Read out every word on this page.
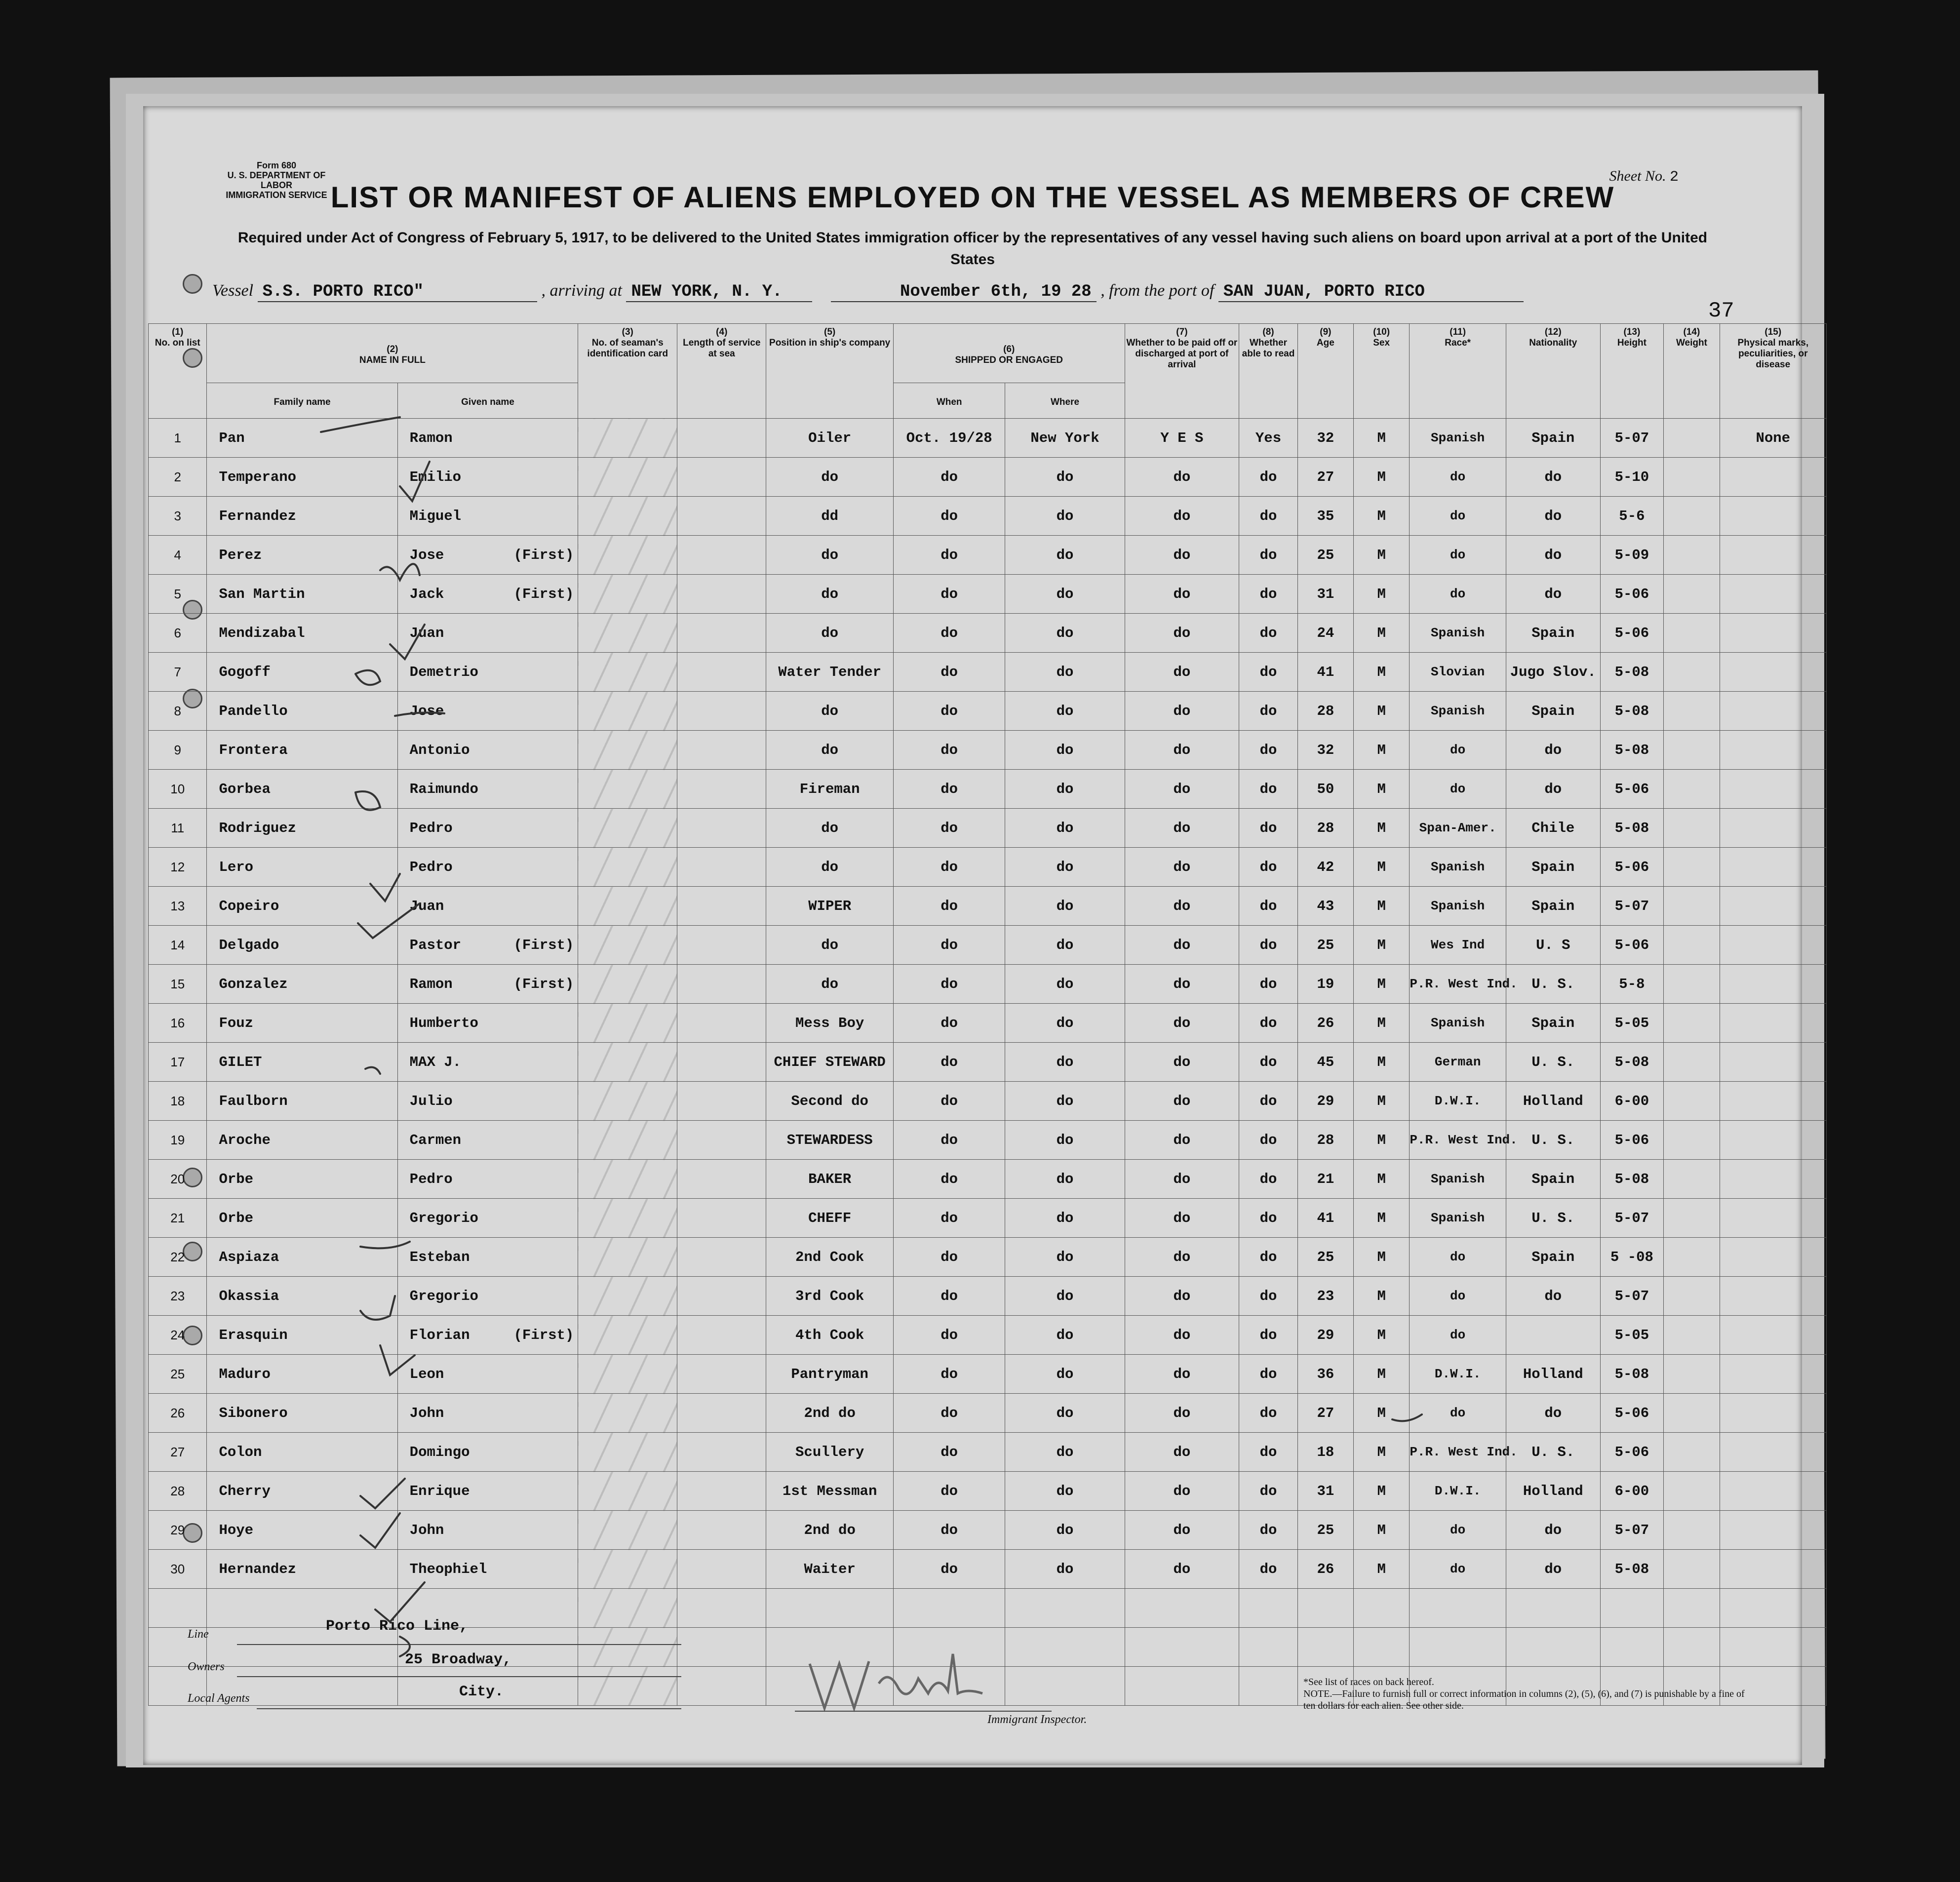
Form 680
U. S. DEPARTMENT OF LABOR
IMMIGRATION SERVICE
Sheet No. 2
LIST OR MANIFEST OF ALIENS EMPLOYED ON THE VESSEL AS MEMBERS OF CREW
Required under Act of Congress of February 5, 1917, to be delivered to the United States immigration officer by the representatives of any vessel having such aliens on board upon arrival at a port of the United States
Vessel S.S. PORTO RICO"	, arriving at NEW YORK, N. Y.	November 6th, 19 28 , from the port of SAN JUAN, PORTO RICO
37
(1)
No. on list	(2)
NAME IN FULL		(3)
No. of seaman's identification card	(4)
Length of service at sea	(5)
Position in ship's company	(6)
SHIPPED OR ENGAGED		(7)
Whether to be paid off or discharged at port of arrival	(8)
Whether able to read	(9)
Age	(10)
Sex	(11)
Race*	(12)
Nationality	(13)
Height	(14)
Weight	(15)
Physical marks, peculiarities, or disease
	Family name	Given name				When	Where									
1	Pan	Ramon			Oiler	Oct. 19/28	New York	Y E S	Yes	32	M	Spanish	Spain	5-07		None
2	Temperano	Emilio			do	do	do	do	do	27	M	do	do	5-10		
3	Fernandez	Miguel			dd	do	do	do	do	35	M	do	do	5-6		
4	Perez	Jose (First)			do	do	do	do	do	25	M	do	do	5-09		
5	San Martin	Jack (First)			do	do	do	do	do	31	M	do	do	5-06		
6	Mendizabal	Juan			do	do	do	do	do	24	M	Spanish	Spain	5-06		
7	Gogoff	Demetrio			Water Tender	do	do	do	do	41	M	Slovian	Jugo Slov.	5-08		
8	Pandello	Jose			do	do	do	do	do	28	M	Spanish	Spain	5-08		
9	Frontera	Antonio			do	do	do	do	do	32	M	do	do	5-08		
10	Gorbea	Raimundo			Fireman	do	do	do	do	50	M	do	do	5-06		
11	Rodriguez	Pedro			do	do	do	do	do	28	M	Span-Amer.	Chile	5-08		
12	Lero	Pedro			do	do	do	do	do	42	M	Spanish	Spain	5-06		
13	Copeiro	Juan			WIPER	do	do	do	do	43	M	Spanish	Spain	5-07		
14	Delgado	Pastor (First)			do	do	do	do	do	25	M	Wes Ind	U. S	5-06		
15	Gonzalez	Ramon (First)			do	do	do	do	do	19	M	P.R. West Ind.	U. S.	5-8		
16	Fouz	Humberto			Mess Boy	do	do	do	do	26	M	Spanish	Spain	5-05		
17	GILET	MAX J.			CHIEF STEWARD	do	do	do	do	45	M	German	U. S.	5-08		
18	Faulborn	Julio			Second do	do	do	do	do	29	M	D.W.I.	Holland	6-00		
19	Aroche	Carmen			STEWARDESS	do	do	do	do	28	M	P.R. West Ind.	U. S.	5-06		
20	Orbe	Pedro			BAKER	do	do	do	do	21	M	Spanish	Spain	5-08		
21	Orbe	Gregorio			CHEFF	do	do	do	do	41	M	Spanish	U. S.	5-07		
22	Aspiaza	Esteban			2nd Cook	do	do	do	do	25	M	do	Spain	5 -08		
23	Okassia	Gregorio			3rd Cook	do	do	do	do	23	M	do	do	5-07		
24	Erasquin	Florian (First)			4th Cook	do	do	do	do	29	M	do		5-05		
25	Maduro	Leon			Pantryman	do	do	do	do	36	M	D.W.I.	Holland	5-08		
26	Sibonero	John			2nd do	do	do	do	do	27	M	do	do	5-06		
27	Colon	Domingo			Scullery	do	do	do	do	18	M	P.R. West Ind.	U. S.	5-06		
28	Cherry	Enrique			1st Messman	do	do	do	do	31	M	D.W.I.	Holland	6-00		
29	Hoye	John			2nd do	do	do	do	do	25	M	do	do	5-07		
30	Hernandez	Theophiel			Waiter	do	do	do	do	26	M	do	do	5-08		

Line	Porto Rico Line,
Owners	25 Broadway,
Local Agents	City.
Immigrant Inspector.
*See list of races on back hereof.
NOTE.—Failure to furnish full or correct information in columns (2), (5), (6), and (7) is punishable by a fine of ten dollars for each alien. See other side.
